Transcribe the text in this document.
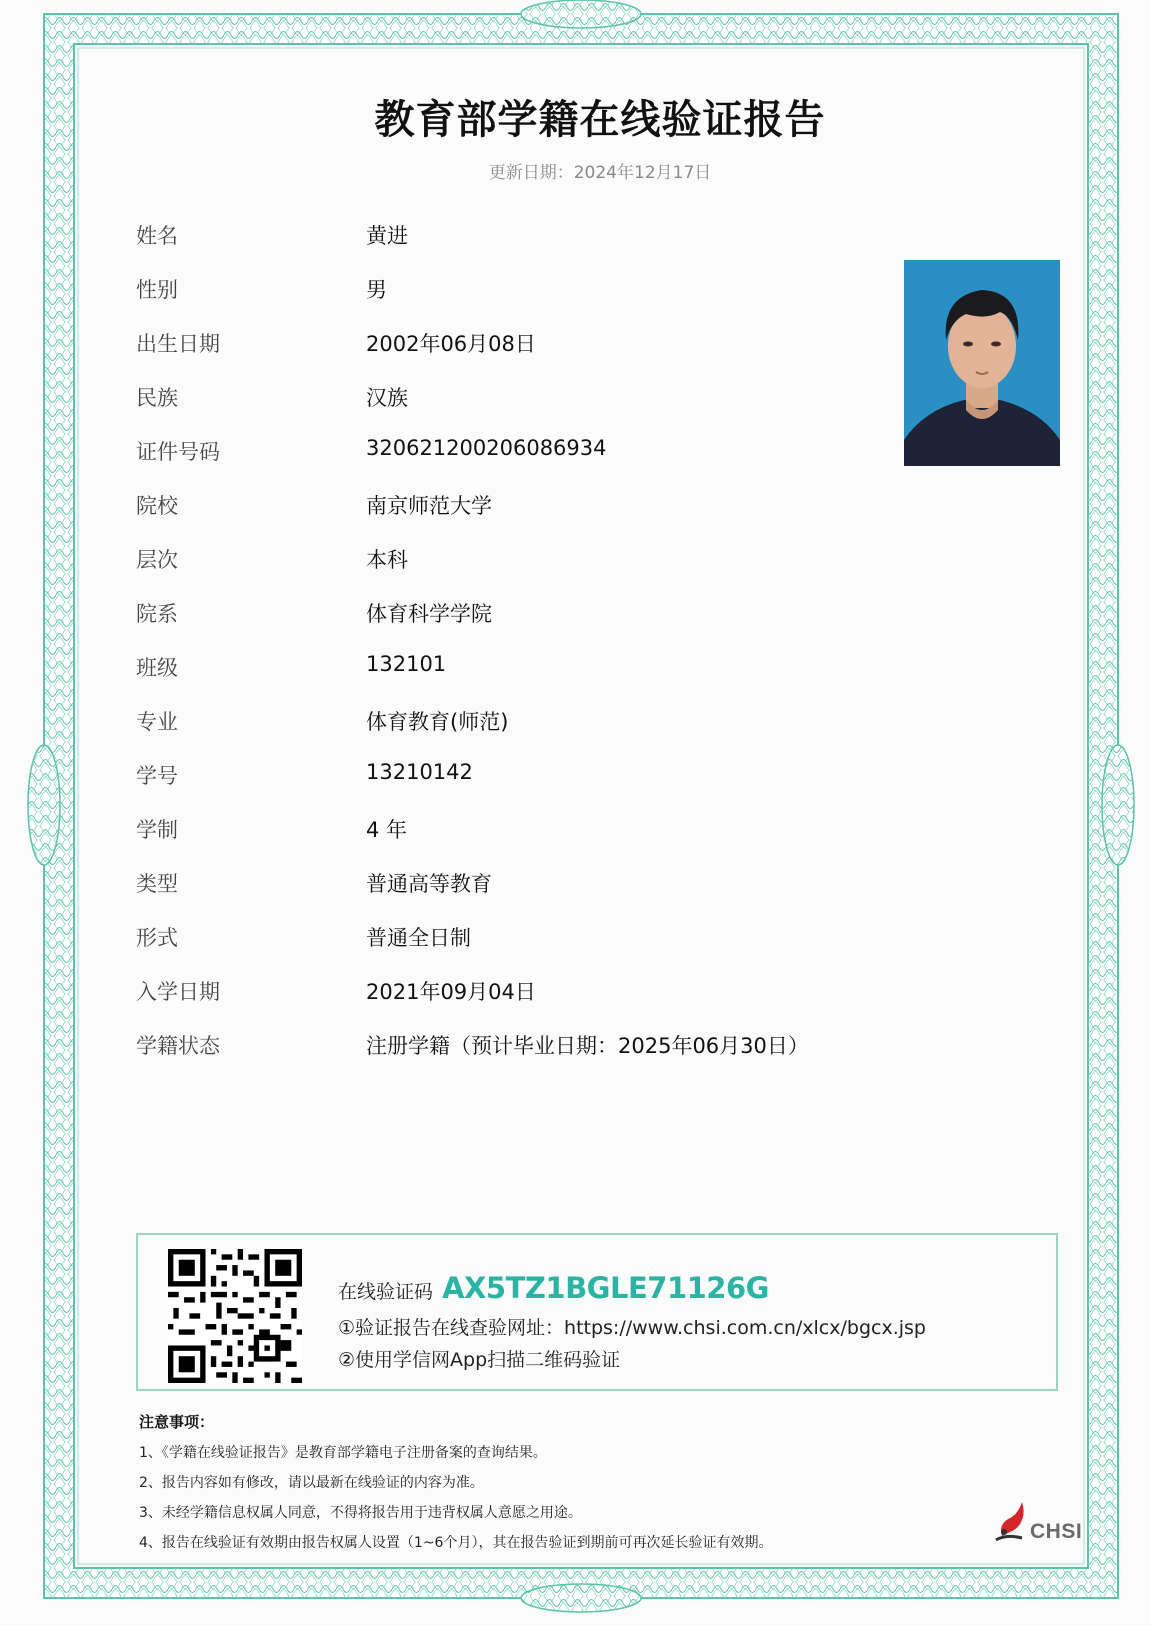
教育部学籍在线验证报告
更新日期：2024年12月17日
姓名	黄进
性别	男
出生日期	2002年06月08日
民族	汉族
证件号码	320621200206086934
院校	南京师范大学
层次	本科
院系	体育科学学院
班级	132101
专业	体育教育(师范)
学号	13210142
学制	4 年
类型	普通高等教育
形式	普通全日制
入学日期	2021年09月04日
学籍状态	注册学籍（预计毕业日期：2025年06月30日）
在线验证码 AX5TZ1BGLE71126G
①验证报告在线查验网址：https://www.chsi.com.cn/xlcx/bgcx.jsp
②使用学信网App扫描二维码验证
注意事项：
1、《学籍在线验证报告》是教育部学籍电子注册备案的查询结果。
2、报告内容如有修改，请以最新在线验证的内容为准。
3、未经学籍信息权属人同意，不得将报告用于违背权属人意愿之用途。
4、报告在线验证有效期由报告权属人设置（1~6个月），其在报告验证到期前可再次延长验证有效期。	CHSI
